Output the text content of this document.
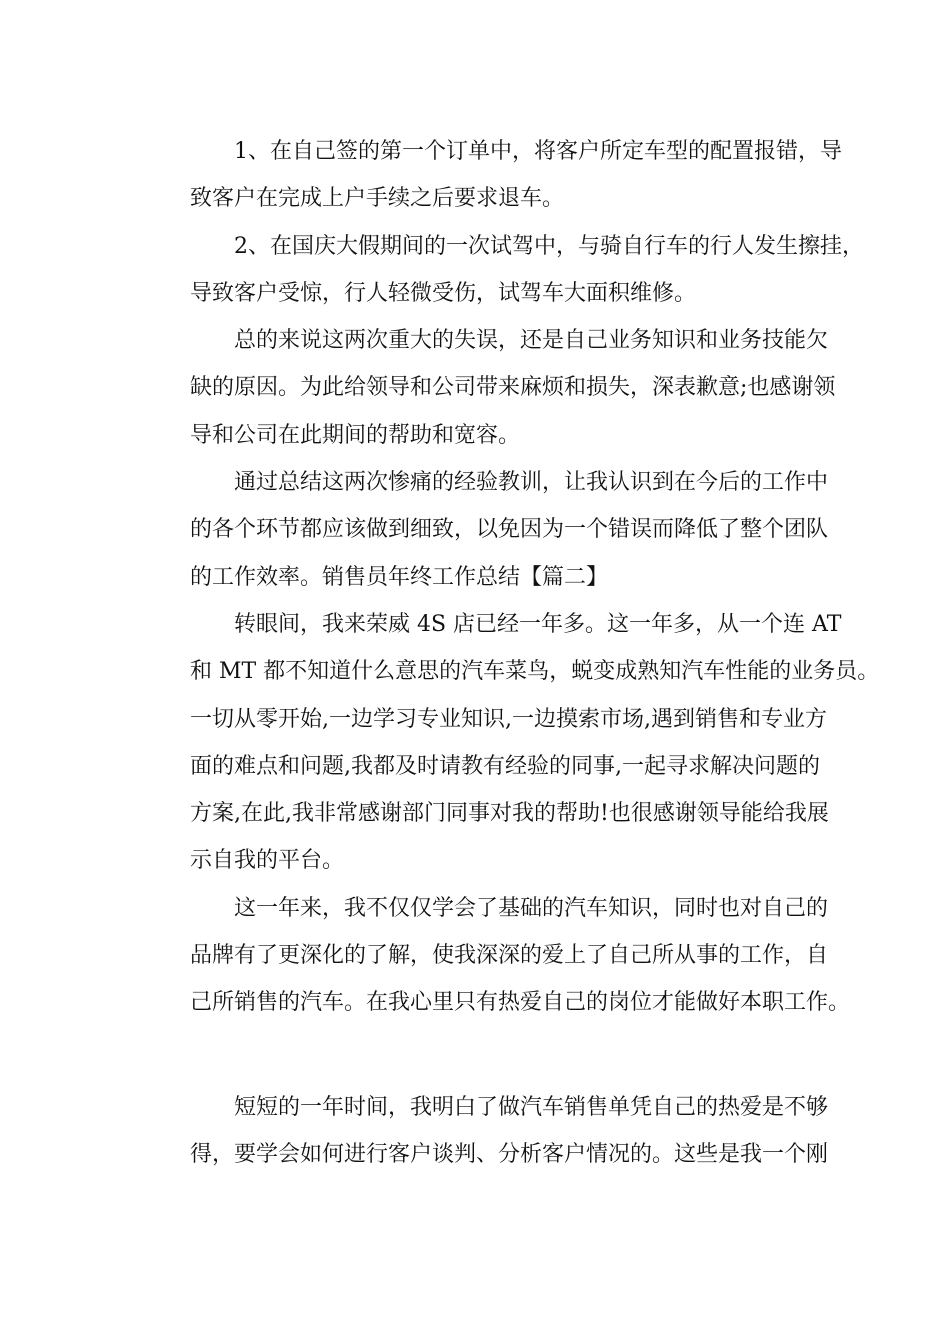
1、在自己签的第一个订单中，将客户所定车型的配置报错，导
致客户在完成上户手续之后要求退车。
2、在国庆大假期间的一次试驾中，与骑自行车的行人发生擦挂，
导致客户受惊，行人轻微受伤，试驾车大面积维修。
总的来说这两次重大的失误，还是自己业务知识和业务技能欠
缺的原因。为此给领导和公司带来麻烦和损失，深表歉意;也感谢领
导和公司在此期间的帮助和宽容。
通过总结这两次惨痛的经验教训，让我认识到在今后的工作中
的各个环节都应该做到细致，以免因为一个错误而降低了整个团队
的工作效率。销售员年终工作总结【篇二】
转眼间，我来荣威 4S 店已经一年多。这一年多，从一个连 AT
和 MT 都不知道什么意思的汽车菜鸟，蜕变成熟知汽车性能的业务员。
一切从零开始,一边学习专业知识,一边摸索市场,遇到销售和专业方
面的难点和问题,我都及时请教有经验的同事,一起寻求解决问题的
方案,在此,我非常感谢部门同事对我的帮助!也很感谢领导能给我展
示自我的平台。
这一年来，我不仅仅学会了基础的汽车知识，同时也对自己的
品牌有了更深化的了解，使我深深的爱上了自己所从事的工作，自
己所销售的汽车。在我心里只有热爱自己的岗位才能做好本职工作。
短短的一年时间，我明白了做汽车销售单凭自己的热爱是不够
得，要学会如何进行客户谈判、分析客户情况的。这些是我一个刚
